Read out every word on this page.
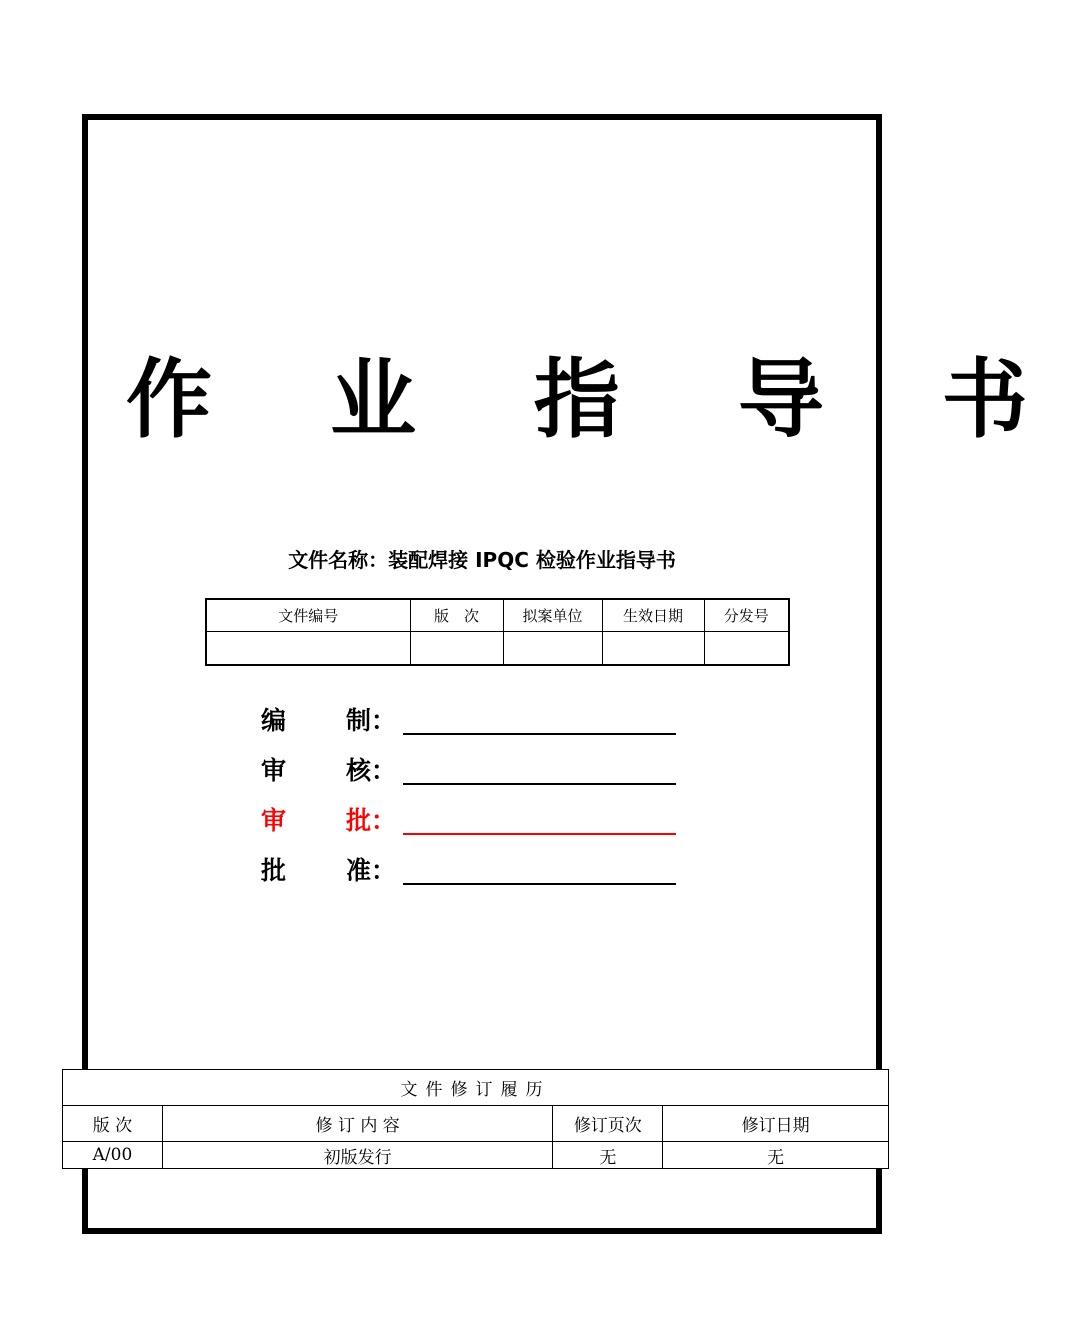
作 业 指 导 书
文件名称：装配焊接 IPQC 检验作业指导书
文件编号	版　次	拟案单位	生效日期	分发号

编 制：
审 核：
审 批：
批 准：
文件修订履历			
版 次	修 订 内 容	修订页次	修订日期
A/00	初版发行	无	无
